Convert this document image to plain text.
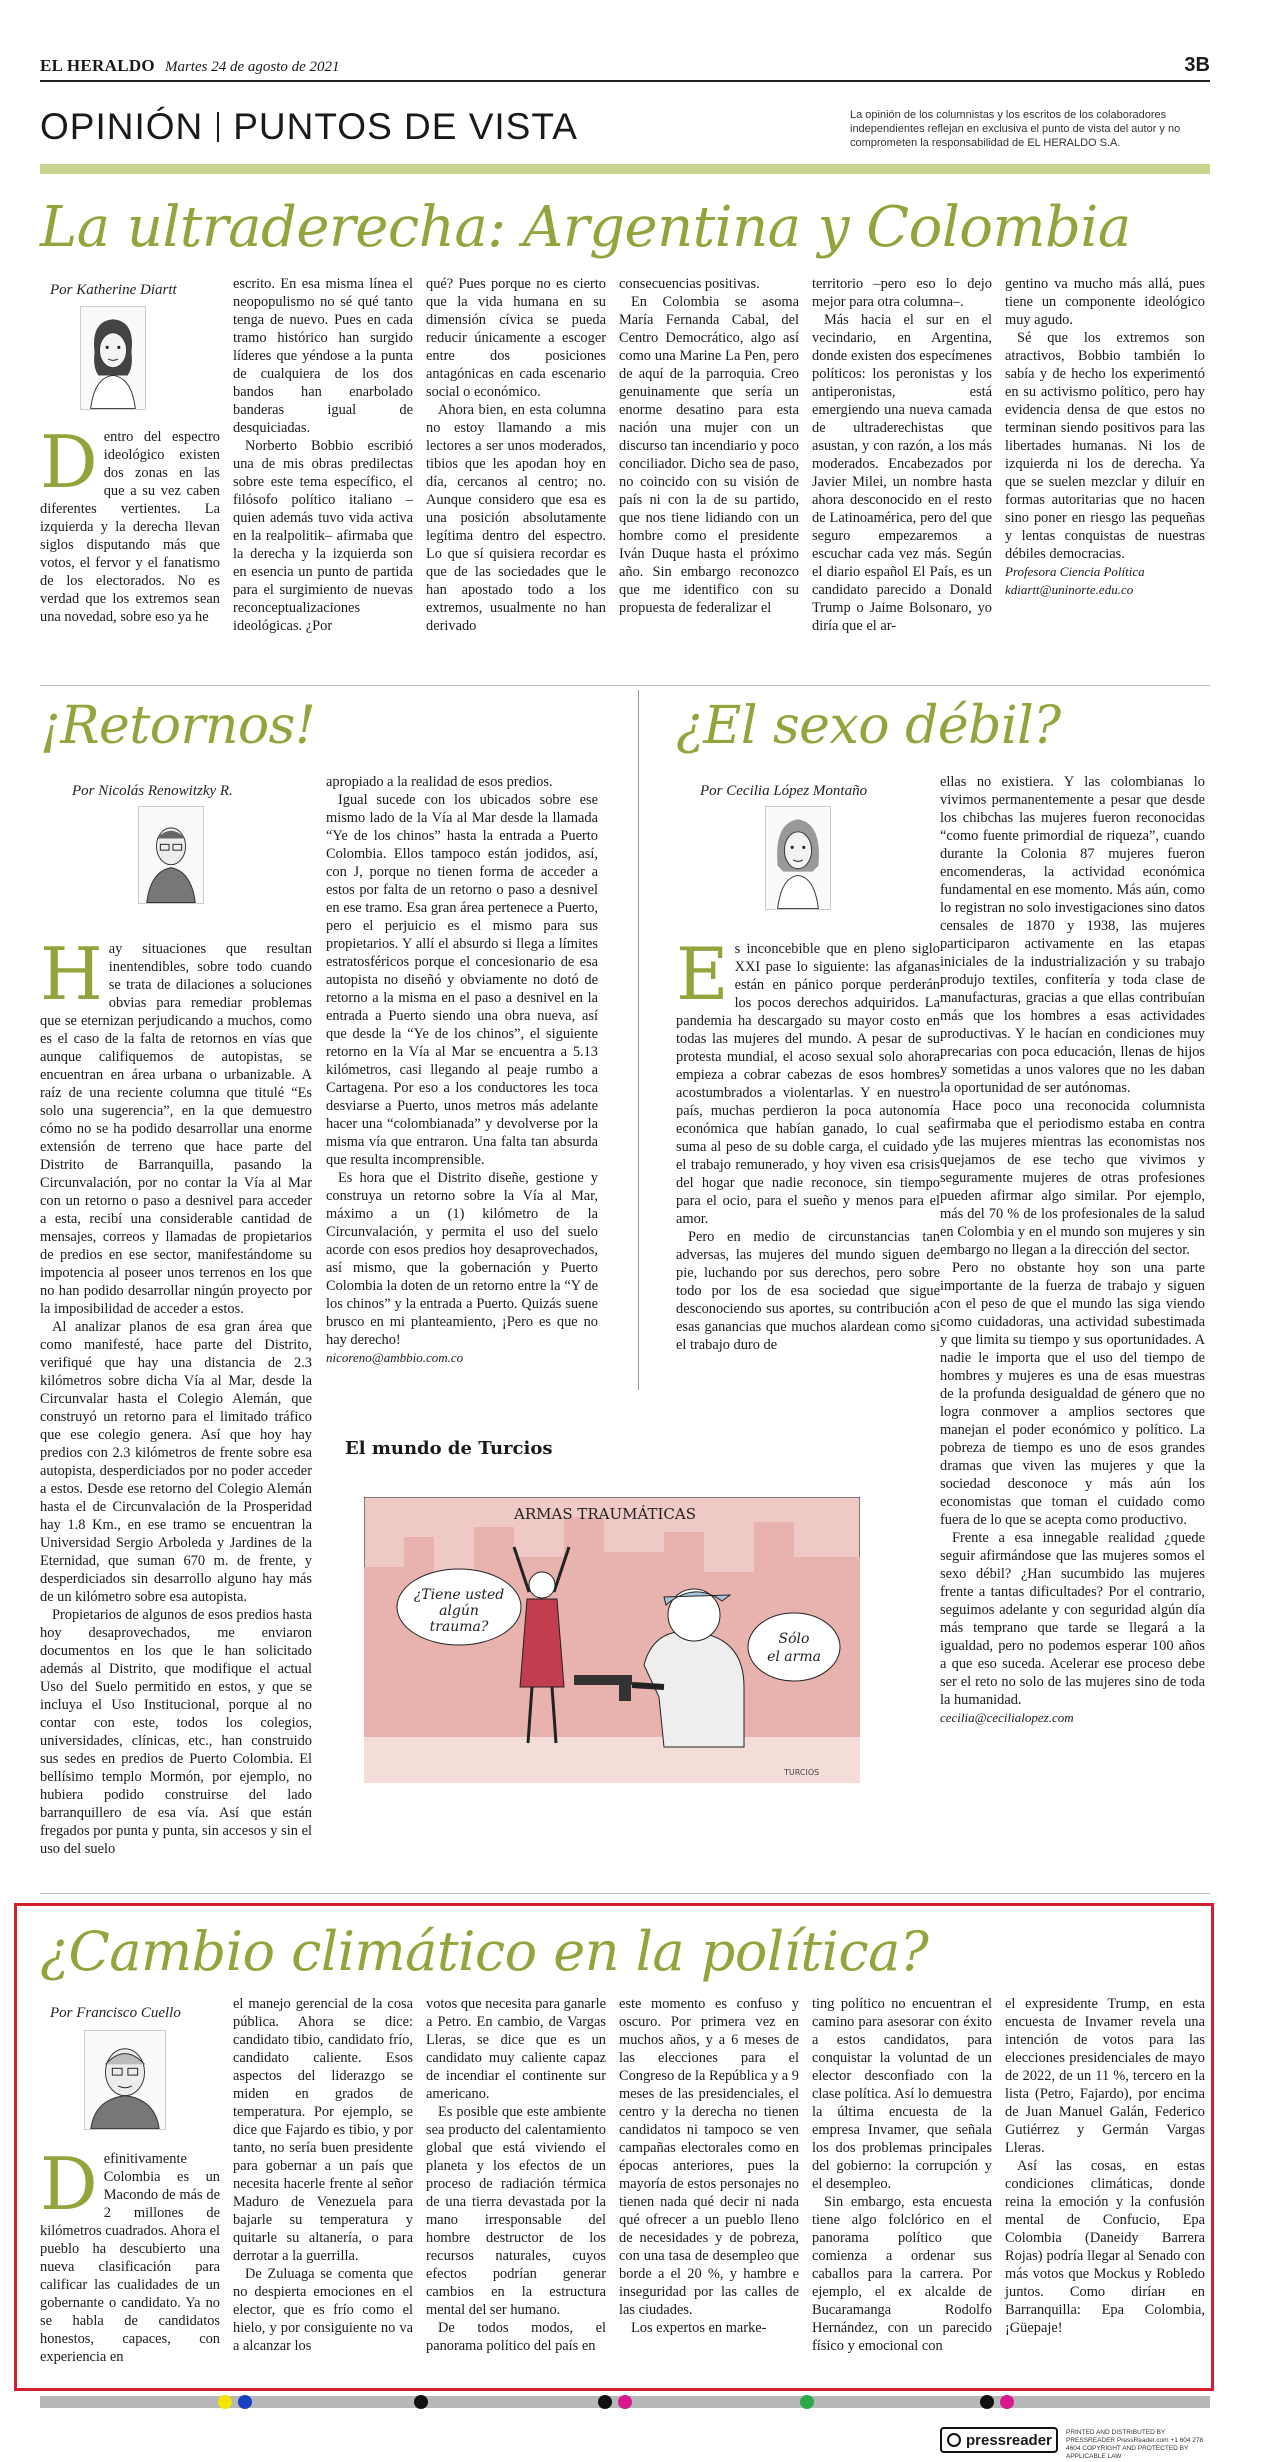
EL HERALDO Martes 24 de agosto de 2021	3B
OPINIÓN PUNTOS DE VISTA	La opinión de los columnistas y los escritos de los colaboradores independientes reflejan en exclusiva el punto de vista del autor y no comprometen la responsabilidad de EL HERALDO S.A.
La ultraderecha: Argentina y Colombia
Por Katherine Diartt

Dentro del espectro ideológico existen dos zonas en las que a su vez caben diferentes vertientes. La izquierda y la derecha llevan siglos disputando más que votos, el fervor y el fanatismo de los electorados. No es verdad que los extremos sean una novedad, sobre eso ya he

escrito. En esa misma línea el neopopulismo no sé qué tanto tenga de nuevo. Pues en cada tramo histórico han surgido líderes que yéndose a la punta de cualquiera de los dos bandos han enarbolado banderas igual de desquiciadas.

Norberto Bobbio escribió una de mis obras predilectas sobre este tema específico, el filósofo político italiano –quien además tuvo vida activa en la realpolitik– afirmaba que la derecha y la izquierda son en esencia un punto de partida para el surgimiento de nuevas reconceptualizaciones ideológicas. ¿Por

qué? Pues porque no es cierto que la vida humana en su dimensión cívica se pueda reducir únicamente a escoger entre dos posiciones antagónicas en cada escenario social o económico.

Ahora bien, en esta columna no estoy llamando a mis lectores a ser unos moderados, tibios que les apodan hoy en día, cercanos al centro; no. Aunque considero que esa es una posición absolutamente legítima dentro del espectro. Lo que sí quisiera recordar es que de las sociedades que le han apostado todo a los extremos, usualmente no han derivado

consecuencias positivas.

En Colombia se asoma María Fernanda Cabal, del Centro Democrático, algo así como una Marine La Pen, pero de aquí de la parroquia. Creo genuinamente que sería un enorme desatino para esta nación una mujer con un discurso tan incendiario y poco conciliador. Dicho sea de paso, no coincido con su visión de país ni con la de su partido, que nos tiene lidiando con un hombre como el presidente Iván Duque hasta el próximo año. Sin embargo reconozco que me identifico con su propuesta de federalizar el

territorio –pero eso lo dejo mejor para otra columna–.

Más hacia el sur en el vecindario, en Argentina, donde existen dos especímenes políticos: los peronistas y los antiperonistas, está emergiendo una nueva camada de ultraderechistas que asustan, y con razón, a los más moderados. Encabezados por Javier Milei, un nombre hasta ahora desconocido en el resto de Latinoamérica, pero del que seguro empezaremos a escuchar cada vez más. Según el diario español El País, es un candidato parecido a Donald Trump o Jaime Bolsonaro, yo diría que el ar-

gentino va mucho más allá, pues tiene un componente ideológico muy agudo.

Sé que los extremos son atractivos, Bobbio también lo sabía y de hecho los experimentó en su activismo político, pero hay evidencia densa de que estos no terminan siendo positivos para las libertades humanas. Ni los de izquierda ni los de derecha. Ya que se suelen mezclar y diluir en formas autoritarias que no hacen sino poner en riesgo las pequeñas y lentas conquistas de nuestras débiles democracias.

Profesora Ciencia Política

kdiartt@uninorte.edu.co

¡Retornos!
Por Nicolás Renowitzky R.

Hay situaciones que resultan inentendibles, sobre todo cuando se trata de dilaciones a soluciones obvias para remediar problemas que se eternizan perjudicando a muchos, como es el caso de la falta de retornos en vías que aunque califiquemos de autopistas, se encuentran en área urbana o urbanizable. A raíz de una reciente columna que titulé “Es solo una sugerencia”, en la que demuestro cómo no se ha podido desarrollar una enorme extensión de terreno que hace parte del Distrito de Barranquilla, pasando la Circunvalación, por no contar la Vía al Mar con un retorno o paso a desnivel para acceder a esta, recibí una considerable cantidad de mensajes, correos y llamadas de propietarios de predios en ese sector, manifestándome su impotencia al poseer unos terrenos en los que no han podido desarrollar ningún proyecto por la imposibilidad de acceder a estos.

Al analizar planos de esa gran área que como manifesté, hace parte del Distrito, verifiqué que hay una distancia de 2.3 kilómetros sobre dicha Vía al Mar, desde la Circunvalar hasta el Colegio Alemán, que construyó un retorno para el limitado tráfico que ese colegio genera. Así que hoy hay predios con 2.3 kilómetros de frente sobre esa autopista, desperdiciados por no poder acceder a estos. Desde ese retorno del Colegio Alemán hasta el de Circunvalación de la Prosperidad hay 1.8 Km., en ese tramo se encuentran la Universidad Sergio Arboleda y Jardines de la Eternidad, que suman 670 m. de frente, y desperdiciados sin desarrollo alguno hay más de un kilómetro sobre esa autopista.

Propietarios de algunos de esos predios hasta hoy desaprovechados, me enviaron documentos en los que le han solicitado además al Distrito, que modifique el actual Uso del Suelo permitido en estos, y que se incluya el Uso Institucional, porque al no contar con este, todos los colegios, universidades, clínicas, etc., han construido sus sedes en predios de Puerto Colombia. El bellísimo templo Mormón, por ejemplo, no hubiera podido construirse del lado barranquillero de esa vía. Así que están fregados por punta y punta, sin accesos y sin el uso del suelo

apropiado a la realidad de esos predios.

Igual sucede con los ubicados sobre ese mismo lado de la Vía al Mar desde la llamada “Ye de los chinos” hasta la entrada a Puerto Colombia. Ellos tampoco están jodidos, así, con J, porque no tienen forma de acceder a estos por falta de un retorno o paso a desnivel en ese tramo. Esa gran área pertenece a Puerto, pero el perjuicio es el mismo para sus propietarios. Y allí el absurdo si llega a límites estratosféricos porque el concesionario de esa autopista no diseñó y obviamente no dotó de retorno a la misma en el paso a desnivel en la entrada a Puerto siendo una obra nueva, así que desde la “Ye de los chinos”, el siguiente retorno en la Vía al Mar se encuentra a 5.13 kilómetros, casi llegando al peaje rumbo a Cartagena. Por eso a los conductores les toca desviarse a Puerto, unos metros más adelante hacer una “colombianada” y devolverse por la misma vía que entraron. Una falta tan absurda que resulta incomprensible.

Es hora que el Distrito diseñe, gestione y construya un retorno sobre la Vía al Mar, máximo a un (1) kilómetro de la Circunvalación, y permita el uso del suelo acorde con esos predios hoy desaprovechados, así mismo, que la gobernación y Puerto Colombia la doten de un retorno entre la “Y de los chinos” y la entrada a Puerto. Quizás suene brusco en mi planteamiento, ¡Pero es que no hay derecho!

nicoreno@ambbio.com.co

¿El sexo débil?
Por Cecilia López Montaño

Es inconcebible que en pleno siglo XXI pase lo siguiente: las afganas están en pánico porque perderán los pocos derechos adquiridos. La pandemia ha descargado su mayor costo en todas las mujeres del mundo. A pesar de su protesta mundial, el acoso sexual solo ahora empieza a cobrar cabezas de esos hombres acostumbrados a violentarlas. Y en nuestro país, muchas perdieron la poca autonomía económica que habían ganado, lo cual se suma al peso de su doble carga, el cuidado y el trabajo remunerado, y hoy viven esa crisis del hogar que nadie reconoce, sin tiempo para el ocio, para el sueño y menos para el amor.

Pero en medio de circunstancias tan adversas, las mujeres del mundo siguen de pie, luchando por sus derechos, pero sobre todo por los de esa sociedad que sigue desconociendo sus aportes, su contribución a esas ganancias que muchos alardean como si el trabajo duro de

ellas no existiera. Y las colombianas lo vivimos permanentemente a pesar que desde los chibchas las mujeres fueron reconocidas “como fuente primordial de riqueza”, cuando durante la Colonia 87 mujeres fueron encomenderas, la actividad económica fundamental en ese momento. Más aún, como lo registran no solo investigaciones sino datos censales de 1870 y 1938, las mujeres participaron activamente en las etapas iniciales de la industrialización y su trabajo produjo textiles, confitería y toda clase de manufacturas, gracias a que ellas contribuían más que los hombres a esas actividades productivas. Y le hacían en condiciones muy precarias con poca educación, llenas de hijos y sometidas a unos valores que no les daban la oportunidad de ser autónomas.

Hace poco una reconocida columnista afirmaba que el periodismo estaba en contra de las mujeres mientras las economistas nos quejamos de ese techo que vivimos y seguramente mujeres de otras profesiones pueden afirmar algo similar. Por ejemplo, más del 70 % de los profesionales de la salud en Colombia y en el mundo son mujeres y sin embargo no llegan a la dirección del sector.

Pero no obstante hoy son una parte importante de la fuerza de trabajo y siguen con el peso de que el mundo las siga viendo como cuidadoras, una actividad subestimada y que limita su tiempo y sus oportunidades. A nadie le importa que el uso del tiempo de hombres y mujeres es una de esas muestras de la profunda desigualdad de género que no logra conmover a amplios sectores que manejan el poder económico y político. La pobreza de tiempo es uno de esos grandes dramas que viven las mujeres y que la sociedad desconoce y más aún los economistas que toman el cuidado como fuera de lo que se acepta como productivo.

Frente a esa innegable realidad ¿quede seguir afirmándose que las mujeres somos el sexo débil? ¿Han sucumbido las mujeres frente a tantas dificultades? Por el contrario, seguimos adelante y con seguridad algún día más temprano que tarde se llegará a la igualdad, pero no podemos esperar 100 años a que eso suceda. Acelerar ese proceso debe ser el reto no solo de las mujeres sino de toda la humanidad.

cecilia@cecilialopez.com

El mundo de Turcios
ARMAS TRAUMÁTICAS
¿Tiene usted
algún
trauma?
Sólo
el arma
TURCIOS
¿Cambio climático en la política?
Por Francisco Cuello

Definitivamente Colombia es un Macondo de más de 2 millones de kilómetros cuadrados. Ahora el pueblo ha descubierto una nueva clasificación para calificar las cualidades de un gobernante o candidato. Ya no se habla de candidatos honestos, capaces, con experiencia en

el manejo gerencial de la cosa pública. Ahora se dice: candidato tibio, candidato frío, candidato caliente. Esos aspectos del liderazgo se miden en grados de temperatura. Por ejemplo, se dice que Fajardo es tibio, y por tanto, no sería buen presidente para gobernar a un país que necesita hacerle frente al señor Maduro de Venezuela para bajarle su temperatura y quitarle su altanería, o para derrotar a la guerrilla.

De Zuluaga se comenta que no despierta emociones en el elector, que es frío como el hielo, y por consiguiente no va a alcanzar los

votos que necesita para ganarle a Petro. En cambio, de Vargas Lleras, se dice que es un candidato muy caliente capaz de incendiar el continente sur americano.

Es posible que este ambiente sea producto del calentamiento global que está viviendo el planeta y los efectos de un proceso de radiación térmica de una tierra devastada por la mano irresponsable del hombre destructor de los recursos naturales, cuyos efectos podrían generar cambios en la estructura mental del ser humano.

De todos modos, el panorama político del país en

este momento es confuso y oscuro. Por primera vez en muchos años, y a 6 meses de las elecciones para el Congreso de la República y a 9 meses de las presidenciales, el centro y la derecha no tienen candidatos ni tampoco se ven campañas electorales como en épocas anteriores, pues la mayoría de estos personajes no tienen nada qué decir ni nada qué ofrecer a un pueblo lleno de necesidades y de pobreza, con una tasa de desempleo que borde a el 20 %, y hambre e inseguridad por las calles de las ciudades.

Los expertos en marke-

ting político no encuentran el camino para asesorar con éxito a estos candidatos, para conquistar la voluntad de un elector desconfiado con la clase política. Así lo demuestra la última encuesta de la empresa Invamer, que señala los dos problemas principales del gobierno: la corrupción y el desempleo.

Sin embargo, esta encuesta tiene algo folclórico en el panorama político que comienza a ordenar sus caballos para la carrera. Por ejemplo, el ex alcalde de Bucaramanga Rodolfo Hernández, con un parecido físico y emocional con

el expresidente Trump, en esta encuesta de Invamer revela una intención de votos para las elecciones presidenciales de mayo de 2022, de un 11 %, tercero en la lista (Petro, Fajardo), por encima de Juan Manuel Galán, Federico Gutiérrez y Germán Vargas Lleras.

Así las cosas, en estas condiciones climáticas, donde reina la emoción y la confusión mental de Confucio, Epa Colombia (Daneidy Barrera Rojas) podría llegar al Senado con más votos que Mockus y Robledo juntos. Como diríaн en Barranquilla: Epa Colombia, ¡Güepaje!

pressreader PRINTED AND DISTRIBUTED BY PRESSREADER PressReader.com +1 604 278 4604 COPYRIGHT AND PROTECTED BY APPLICABLE LAW
